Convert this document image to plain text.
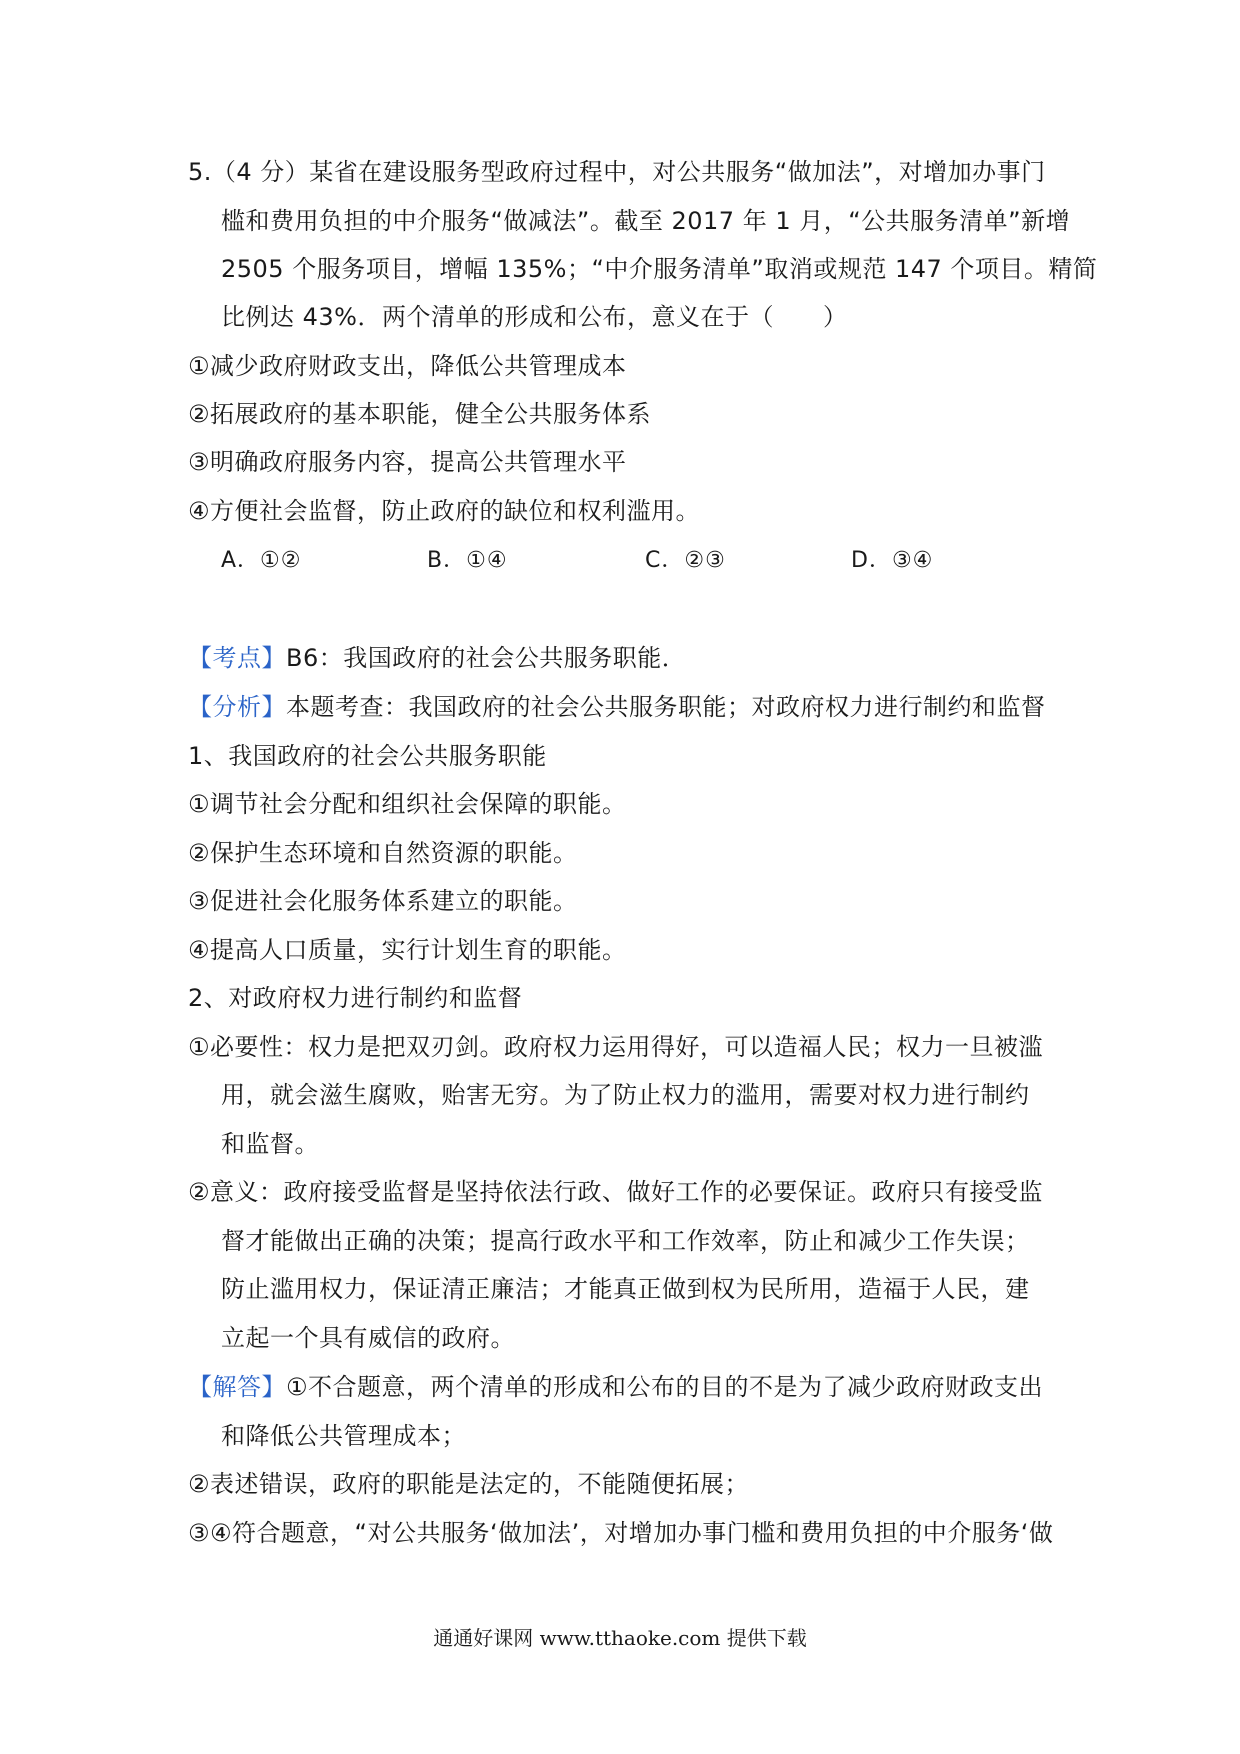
5.（4 分）某省在建设服务型政府过程中，对公共服务“做加法”，对增加办事门
槛和费用负担的中介服务“做减法”。截至 2017 年 1 月，“公共服务清单”新增
2505 个服务项目，增幅 135%；“中介服务清单”取消或规范 147 个项目。精简
比例达 43%．两个清单的形成和公布，意义在于（　　）
①减少政府财政支出，降低公共管理成本
②拓展政府的基本职能，健全公共服务体系
③明确政府服务内容，提高公共管理水平
④方便社会监督，防止政府的缺位和权利滥用。
A．①②	B．①④	C．②③	D．③④
【考点】B6：我国政府的社会公共服务职能．
【分析】本题考查：我国政府的社会公共服务职能；对政府权力进行制约和监督
1、我国政府的社会公共服务职能
①调节社会分配和组织社会保障的职能。
②保护生态环境和自然资源的职能。
③促进社会化服务体系建立的职能。
④提高人口质量，实行计划生育的职能。
2、对政府权力进行制约和监督
①必要性：权力是把双刃剑。政府权力运用得好，可以造福人民；权力一旦被滥
用，就会滋生腐败，贻害无穷。为了防止权力的滥用，需要对权力进行制约
和监督。
②意义：政府接受监督是坚持依法行政、做好工作的必要保证。政府只有接受监
督才能做出正确的决策；提高行政水平和工作效率，防止和减少工作失误；
防止滥用权力，保证清正廉洁；才能真正做到权为民所用，造福于人民，建
立起一个具有威信的政府。
【解答】①不合题意，两个清单的形成和公布的目的不是为了减少政府财政支出
和降低公共管理成本；
②表述错误，政府的职能是法定的，不能随便拓展；
③④符合题意，“对公共服务‘做加法’，对增加办事门槛和费用负担的中介服务‘做
通通好课网 www.tthaoke.com 提供下载
